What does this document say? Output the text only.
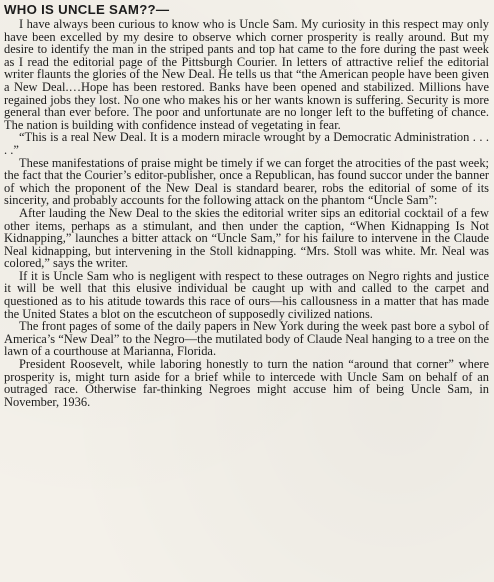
WHO IS UNCLE SAM??—

I have always been curious to know who is Uncle Sam. My curiosity in this respect may only have been excelled by my desire to observe which corner prosperity is really around. But my desire to identify the man in the striped pants and top hat came to the fore during the past week as I read the editorial page of the Pittsburgh Courier. In letters of attractive relief the editorial writer flaunts the glories of the New Deal. He tells us that “the American people have been given a New Deal.…Hope has been restored. Banks have been opened and stabilized. Millions have regained jobs they lost. No one who makes his or her wants known is suffering. Security is more general than ever before. The poor and unfortunate are no longer left to the buffeting of chance. The nation is building with confidence instead of vegetating in fear.

“This is a real New Deal. It is a modern miracle wrought by a Democratic Administration . . . . .”

These manifestations of praise might be timely if we can forget the atrocities of the past week; the fact that the Courier’s editor-publisher, once a Republican, has found succor under the banner of which the proponent of the New Deal is standard bearer, robs the editorial of some of its sincerity, and probably accounts for the following attack on the phantom “Uncle Sam”:

After lauding the New Deal to the skies the editorial writer sips an editorial cocktail of a few other items, perhaps as a stimulant, and then under the caption, “When Kidnapping Is Not Kidnapping,” launches a bitter attack on “Uncle Sam,” for his failure to intervene in the Claude Neal kidnapping, but intervening in the Stoll kidnapping. “Mrs. Stoll was white. Mr. Neal was colored,” says the writer.

If it is Uncle Sam who is negligent with respect to these outrages on Negro rights and justice it will be well that this elusive individual be caught up with and called to the carpet and questioned as to his atitude towards this race of ours—his callousness in a matter that has made the United States a blot on the escutcheon of supposedly civilized nations.

The front pages of some of the daily papers in New York during the week past bore a sybol of America’s “New Deal” to the Negro—the mutilated body of Claude Neal hanging to a tree on the lawn of a courthouse at Marianna, Florida.

President Roosevelt, while laboring honestly to turn the nation “around that corner” where prosperity is, might turn aside for a brief while to intercede with Uncle Sam on behalf of an outraged race. Otherwise far-thinking Negroes might accuse him of being Uncle Sam, in November, 1936.
